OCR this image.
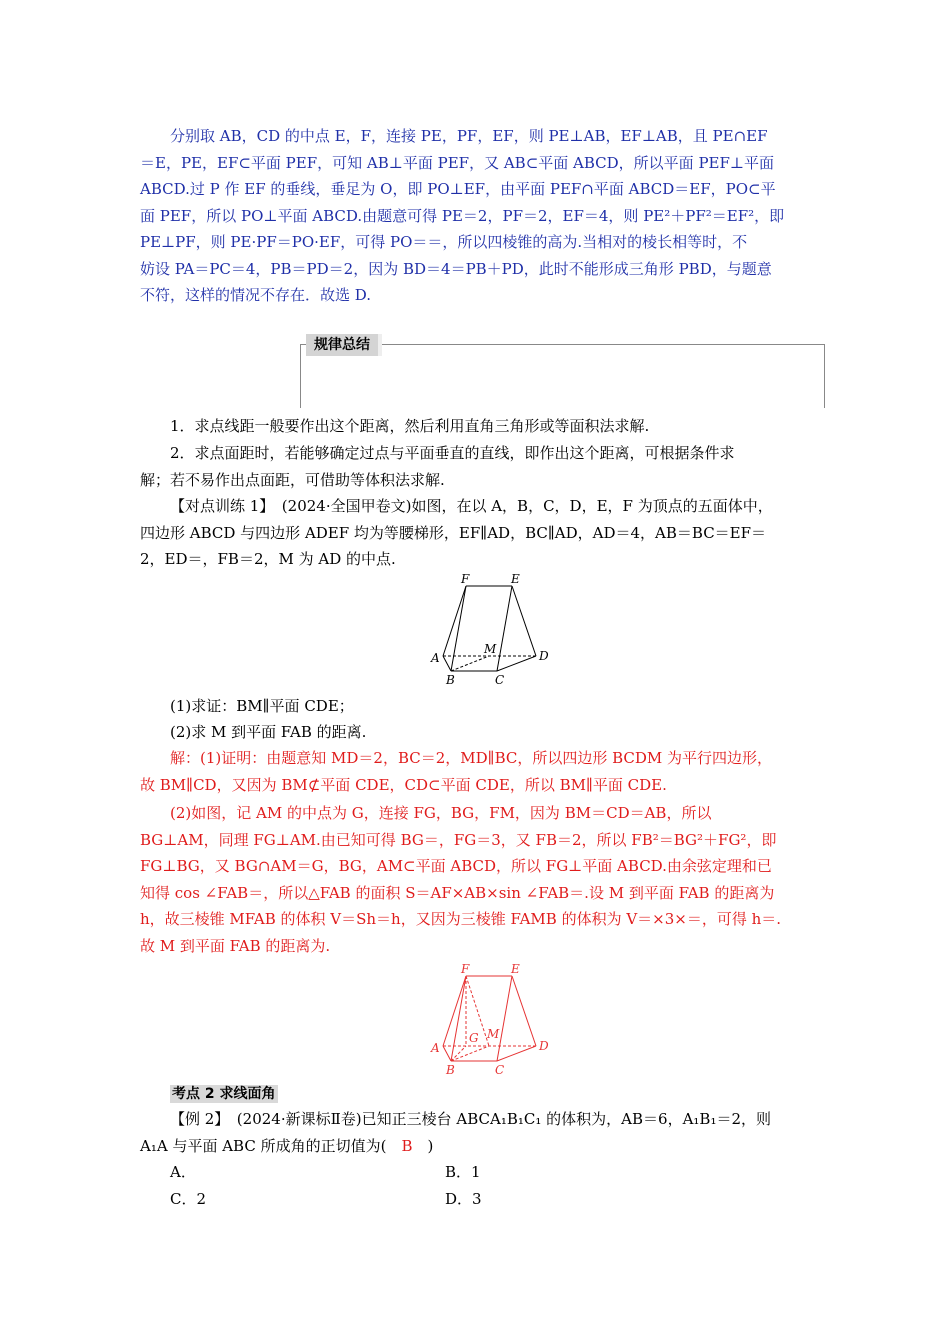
分别取 AB，CD 的中点 E，F，连接 PE，PF，EF，则 PE⊥AB，EF⊥AB，且 PE∩EF

＝E，PE，EF⊂平面 PEF，可知 AB⊥平面 PEF，又 AB⊂平面 ABCD，所以平面 PEF⊥平面

ABCD.过 P 作 EF 的垂线，垂足为 O，即 PO⊥EF，由平面 PEF∩平面 ABCD＝EF，PO⊂平

面 PEF，所以 PO⊥平面 ABCD.由题意可得 PE＝2，PF＝2，EF＝4，则 PE²＋PF²＝EF²，即

PE⊥PF，则 PE·PF＝PO·EF，可得 PO＝＝，所以四棱锥的高为.当相对的棱长相等时，不

妨设 PA＝PC＝4，PB＝PD＝2，因为 BD＝4＝PB＋PD，此时不能形成三角形 PBD，与题意

不符，这样的情况不存在．故选 D.

1．求点线距一般要作出这个距离，然后利用直角三角形或等面积法求解.

2．求点面距时，若能够确定过点与平面垂直的直线，即作出这个距离，可根据条件求

解；若不易作出点面距，可借助等体积法求解.

【对点训练 1】　(2024·全国甲卷文)如图，在以 A，B，C，D，E，F 为顶点的五面体中，

四边形 ABCD 与四边形 ADEF 均为等腰梯形，EF∥AD，BC∥AD，AD＝4，AB＝BC＝EF＝

2，ED＝，FB＝2，M 为 AD 的中点.

(1)求证：BM∥平面 CDE；

(2)求 M 到平面 FAB 的距离.

解：(1)证明：由题意知 MD＝2，BC＝2，MD∥BC，所以四边形 BCDM 为平行四边形，

故 BM∥CD，又因为 BM⊄平面 CDE，CD⊂平面 CDE，所以 BM∥平面 CDE.

(2)如图，记 AM 的中点为 G，连接 FG，BG，FM，因为 BM＝CD＝AB，所以

BG⊥AM，同理 FG⊥AM.由已知可得 BG＝，FG＝3，又 FB＝2，所以 FB²＝BG²＋FG²，即

FG⊥BG，又 BG∩AM＝G，BG，AM⊂平面 ABCD，所以 FG⊥平面 ABCD.由余弦定理和已

知得 cos ∠FAB＝，所以△FAB 的面积 S＝AF×AB×sin ∠FAB＝.设 M 到平面 FAB 的距离为

h，故三棱锥 MFAB 的体积 V＝Sh＝h，又因为三棱锥 FAMB 的体积为 V＝×3×＝，可得 h＝.

故 M 到平面 FAB 的距离为.

考点 2 求线面角

【例 2】　(2024·新课标Ⅱ卷)已知正三棱台 ABCA₁B₁C₁ 的体积为，AB＝6，A₁B₁＝2，则

A₁A 与平面 ABC 所成角的正切值为(　B　)

A．	B．1
C．2	D．3
规律总结
F	E
A
B	C
D
M
F	E
A
B	C
D
M
G
